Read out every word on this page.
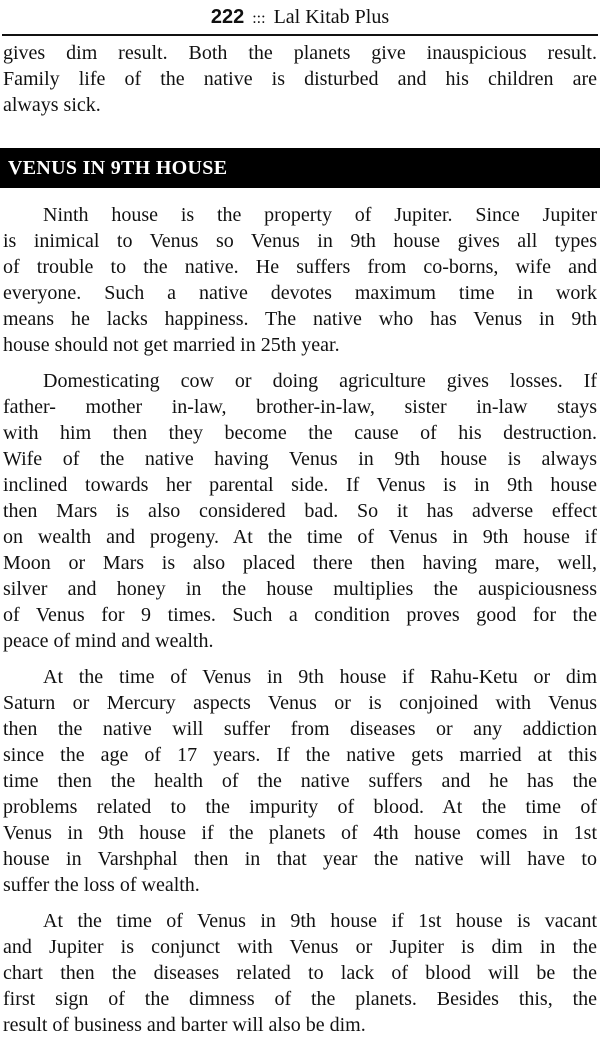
222 ::: Lal Kitab Plus
gives dim result. Both the planets give inauspicious result.
Family life of the native is disturbed and his children are
always sick.
VENUS IN 9TH HOUSE
Ninth house is the property of Jupiter. Since Jupiter
is inimical to Venus so Venus in 9th house gives all types
of trouble to the native. He suffers from co-borns, wife and
everyone. Such a native devotes maximum time in work
means he lacks happiness. The native who has Venus in 9th
house should not get married in 25th year.
Domesticating cow or doing agriculture gives losses. If
father- mother in-law, brother-in-law, sister in-law stays
with him then they become the cause of his destruction.
Wife of the native having Venus in 9th house is always
inclined towards her parental side. If Venus is in 9th house
then Mars is also considered bad. So it has adverse effect
on wealth and progeny. At the time of Venus in 9th house if
Moon or Mars is also placed there then having mare, well,
silver and honey in the house multiplies the auspiciousness
of Venus for 9 times. Such a condition proves good for the
peace of mind and wealth.
At the time of Venus in 9th house if Rahu-Ketu or dim
Saturn or Mercury aspects Venus or is conjoined with Venus
then the native will suffer from diseases or any addiction
since the age of 17 years. If the native gets married at this
time then the health of the native suffers and he has the
problems related to the impurity of blood. At the time of
Venus in 9th house if the planets of 4th house comes in 1st
house in Varshphal then in that year the native will have to
suffer the loss of wealth.
At the time of Venus in 9th house if 1st house is vacant
and Jupiter is conjunct with Venus or Jupiter is dim in the
chart then the diseases related to lack of blood will be the
first sign of the dimness of the planets. Besides this, the
result of business and barter will also be dim.
